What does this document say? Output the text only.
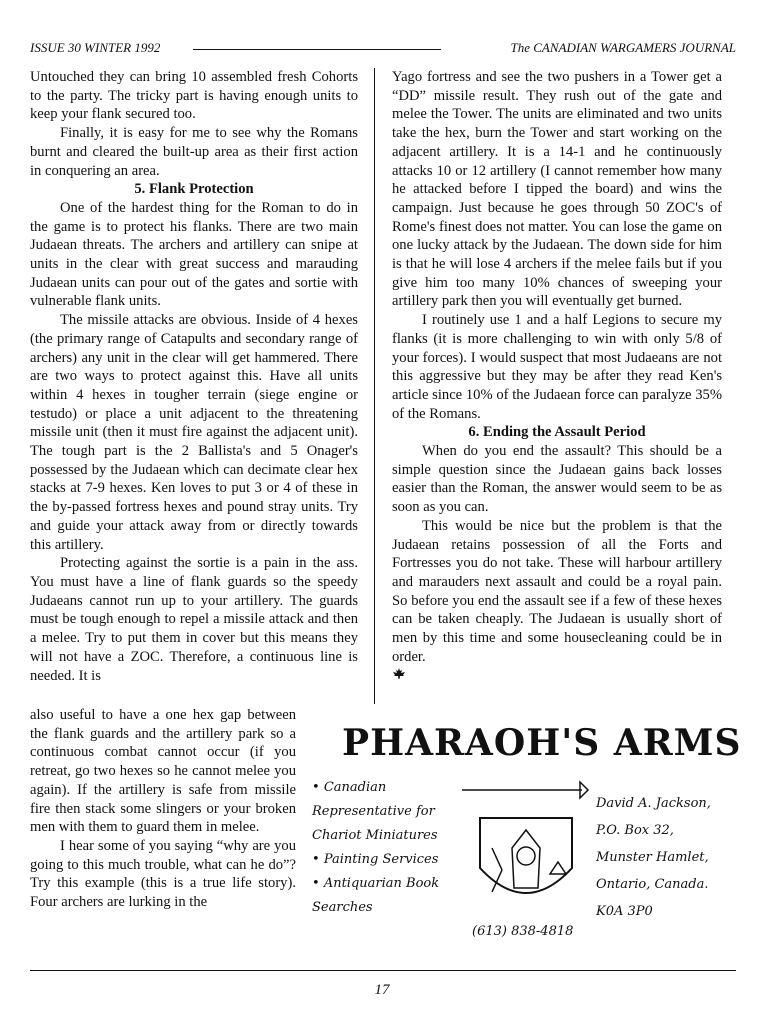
ISSUE 30 WINTER 1992	The CANADIAN WARGAMERS JOURNAL

Untouched they can bring 10 assembled fresh Cohorts to the party. The tricky part is having enough units to keep your flank secured too.

Finally, it is easy for me to see why the Romans burnt and cleared the built-up area as their first action in conquering an area.

5. Flank Protection

One of the hardest thing for the Roman to do in the game is to protect his flanks. There are two main Judaean threats. The archers and artillery can snipe at units in the clear with great success and marauding Judaean units can pour out of the gates and sortie with vulnerable flank units.

The missile attacks are obvious. Inside of 4 hexes (the primary range of Catapults and secondary range of archers) any unit in the clear will get hammered. There are two ways to protect against this. Have all units within 4 hexes in tougher terrain (siege engine or testudo) or place a unit adjacent to the threatening missile unit (then it must fire against the adjacent unit). The tough part is the 2 Ballista's and 5 Onager's possessed by the Judaean which can decimate clear hex stacks at 7-9 hexes. Ken loves to put 3 or 4 of these in the by-passed fortress hexes and pound stray units. Try and guide your attack away from or directly towards this artillery.

Protecting against the sortie is a pain in the ass. You must have a line of flank guards so the speedy Judaeans cannot run up to your artillery. The guards must be tough enough to repel a missile attack and then a melee. Try to put them in cover but this means they will not have a ZOC. Therefore, a continuous line is needed. It is

also useful to have a one hex gap between the flank guards and the artillery park so a continuous combat cannot occur (if you retreat, go two hexes so he cannot melee you again). If the artillery is safe from missile fire then stack some slingers or your broken men with them to guard them in melee.

I hear some of you saying “why are you going to this much trouble, what can he do”? Try this example (this is a true life story). Four archers are lurking in the

Yago fortress and see the two pushers in a Tower get a “DD” missile result. They rush out of the gate and melee the Tower. The units are eliminated and two units take the hex, burn the Tower and start working on the adjacent artillery. It is a 14-1 and he continuously attacks 10 or 12 artillery (I cannot remember how many he attacked before I tipped the board) and wins the campaign. Just because he goes through 50 ZOC's of Rome's finest does not matter. You can lose the game on one lucky attack by the Judaean. The down side for him is that he will lose 4 archers if the melee fails but if you give him too many 10% chances of sweeping your artillery park then you will eventually get burned.

I routinely use 1 and a half Legions to secure my flanks (it is more challenging to win with only 5/8 of your forces). I would suspect that most Judaeans are not this aggressive but they may be after they read Ken's article since 10% of the Judaean force can paralyze 35% of the Romans.

6. Ending the Assault Period

When do you end the assault? This should be a simple question since the Judaean gains back losses easier than the Roman, the answer would seem to be as soon as you can.

This would be nice but the problem is that the Judaean retains possession of all the Forts and Fortresses you do not take. These will harbour artillery and marauders next assault and could be a royal pain. So before you end the assault see if a few of these hexes can be taken cheaply. The Judaean is usually short of men by this time and some housecleaning could be in order.

PHARAOH'S ARMS
• Canadian
Representative for
Chariot Miniatures
• Painting Services
• Antiquarian Book
Searches
David A. Jackson,
P.O. Box 32,
Munster Hamlet,
Ontario, Canada.
K0A 3P0
(613) 838-4818
17
